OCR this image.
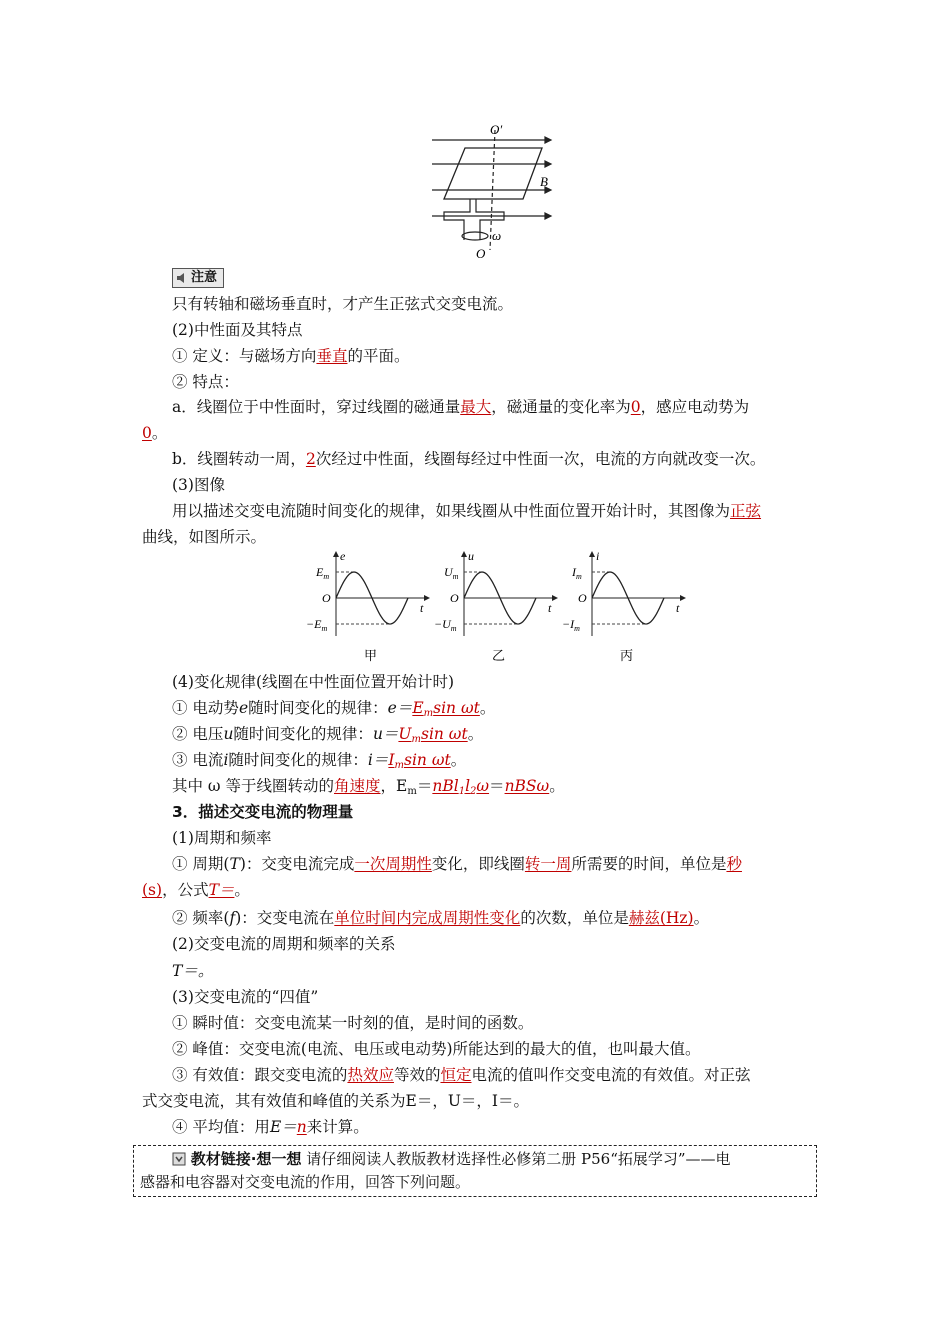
O′
B
ω
O
注意
只有转轴和磁场垂直时，才产生正弦式交变电流。
(2)中性面及其特点
① 定义：与磁场方向垂直的平面。
② 特点：
a．线圈位于中性面时，穿过线圈的磁通量最大，磁通量的变化率为0，感应电动势为
0。
b．线圈转动一周，2次经过中性面，线圈每经过中性面一次，电流的方向就改变一次。
(3)图像
用以描述交变电流随时间变化的规律，如果线圈从中性面位置开始计时，其图像为正弦
曲线，如图所示。
e
$E_m$
O
$-E_m$
t
甲
u
$U_m$
O
$-U_m$
t
乙
i
$I_m$
O
$-I_m$
t
丙
(4)变化规律(线圈在中性面位置开始计时)
① 电动势e随时间变化的规律：$e=E_m\sin$ ωt。
② 电压u随时间变化的规律：$u=U_m\sin$ ωt。
③ 电流i随时间变化的规律：$i=I_m\sin$ ωt。
其中 ω 等于线圈转动的角速度，$E_m=nBl_1l_2\omega=nBS\omega$。
3．描述交变电流的物理量
(1)周期和频率
① 周期(T)：交变电流完成一次周期性变化，即线圈转一周所需要的时间，单位是秒
(s)，公式T＝。
② 频率(f)：交变电流在单位时间内完成周期性变化的次数，单位是赫兹(Hz)。
(2)交变电流的周期和频率的关系
T＝。
(3)交变电流的“四值”
① 瞬时值：交变电流某一时刻的值，是时间的函数。
② 峰值：交变电流(电流、电压或电动势)所能达到的最大的值，也叫最大值。
③ 有效值：跟交变电流的热效应等效的恒定电流的值叫作交变电流的有效值。对正弦
式交变电流，其有效值和峰值的关系为E＝，U＝，I＝。
④ 平均值：用E＝n来计算。
教材链接·想一想 请仔细阅读人教版教材选择性必修第二册 P56“拓展学习”——电
感器和电容器对交变电流的作用，回答下列问题。
